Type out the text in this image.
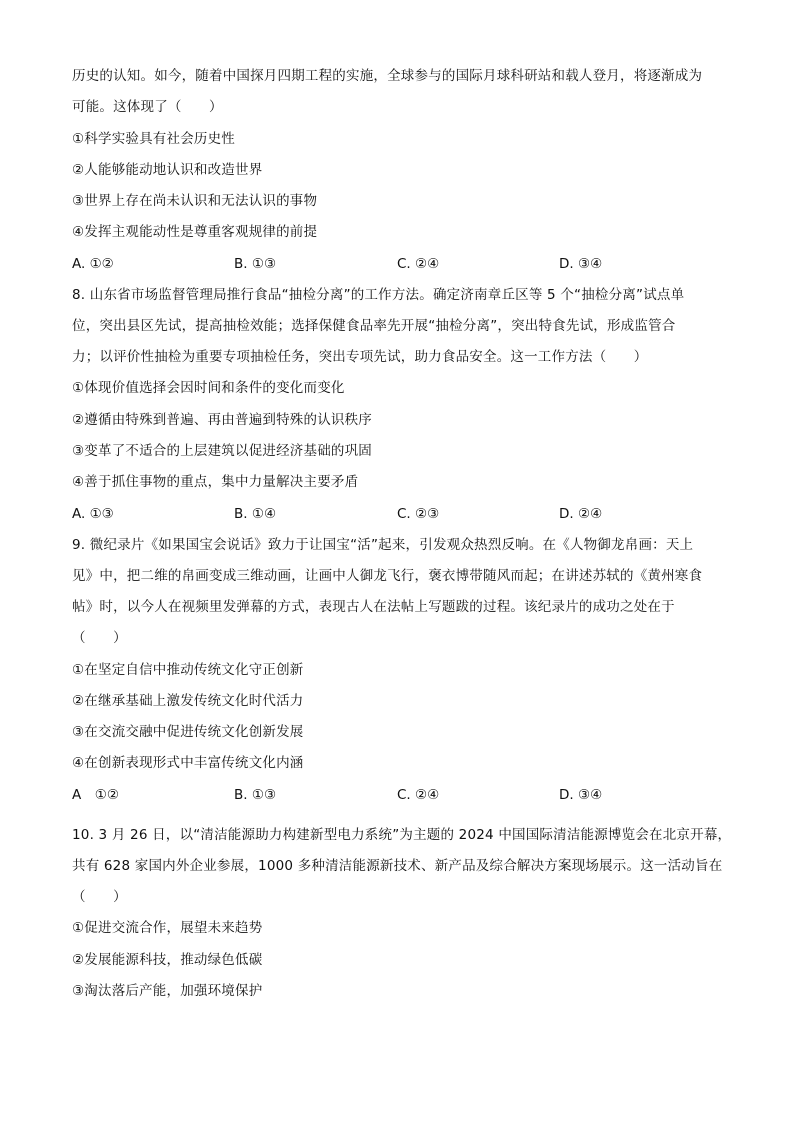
历史的认知。如今，随着中国探月四期工程的实施，全球参与的国际月球科研站和载人登月，将逐渐成为
可能。这体现了（　　）
①科学实验具有社会历史性
②人能够能动地认识和改造世界
③世界上存在尚未认识和无法认识的事物
④发挥主观能动性是尊重客观规律的前提
A. ①②	B. ①③	C. ②④	D. ③④
8. 山东省市场监督管理局推行食品“抽检分离”的工作方法。确定济南章丘区等 5 个“抽检分离”试点单
位，突出县区先试，提高抽检效能；选择保健食品率先开展“抽检分离”，突出特食先试，形成监管合
力；以评价性抽检为重要专项抽检任务，突出专项先试，助力食品安全。这一工作方法（　　）
①体现价值选择会因时间和条件的变化而变化
②遵循由特殊到普遍、再由普遍到特殊的认识秩序
③变革了不适合的上层建筑以促进经济基础的巩固
④善于抓住事物的重点，集中力量解决主要矛盾
A. ①③	B. ①④	C. ②③	D. ②④
9. 微纪录片《如果国宝会说话》致力于让国宝“活”起来，引发观众热烈反响。在《人物御龙帛画：天上
见》中，把二维的帛画变成三维动画，让画中人御龙飞行，褒衣博带随风而起；在讲述苏轼的《黄州寒食
帖》时，以今人在视频里发弹幕的方式，表现古人在法帖上写题跋的过程。该纪录片的成功之处在于
（　　）
①在坚定自信中推动传统文化守正创新
②在继承基础上激发传统文化时代活力
③在交流交融中促进传统文化创新发展
④在创新表现形式中丰富传统文化内涵
A　①②	B. ①③	C. ②④	D. ③④
10. 3 月 26 日，以“清洁能源助力构建新型电力系统”为主题的 2024 中国国际清洁能源博览会在北京开幕，
共有 628 家国内外企业参展，1000 多种清洁能源新技术、新产品及综合解决方案现场展示。这一活动旨在
（　　）
①促进交流合作，展望未来趋势
②发展能源科技，推动绿色低碳
③淘汰落后产能，加强环境保护
